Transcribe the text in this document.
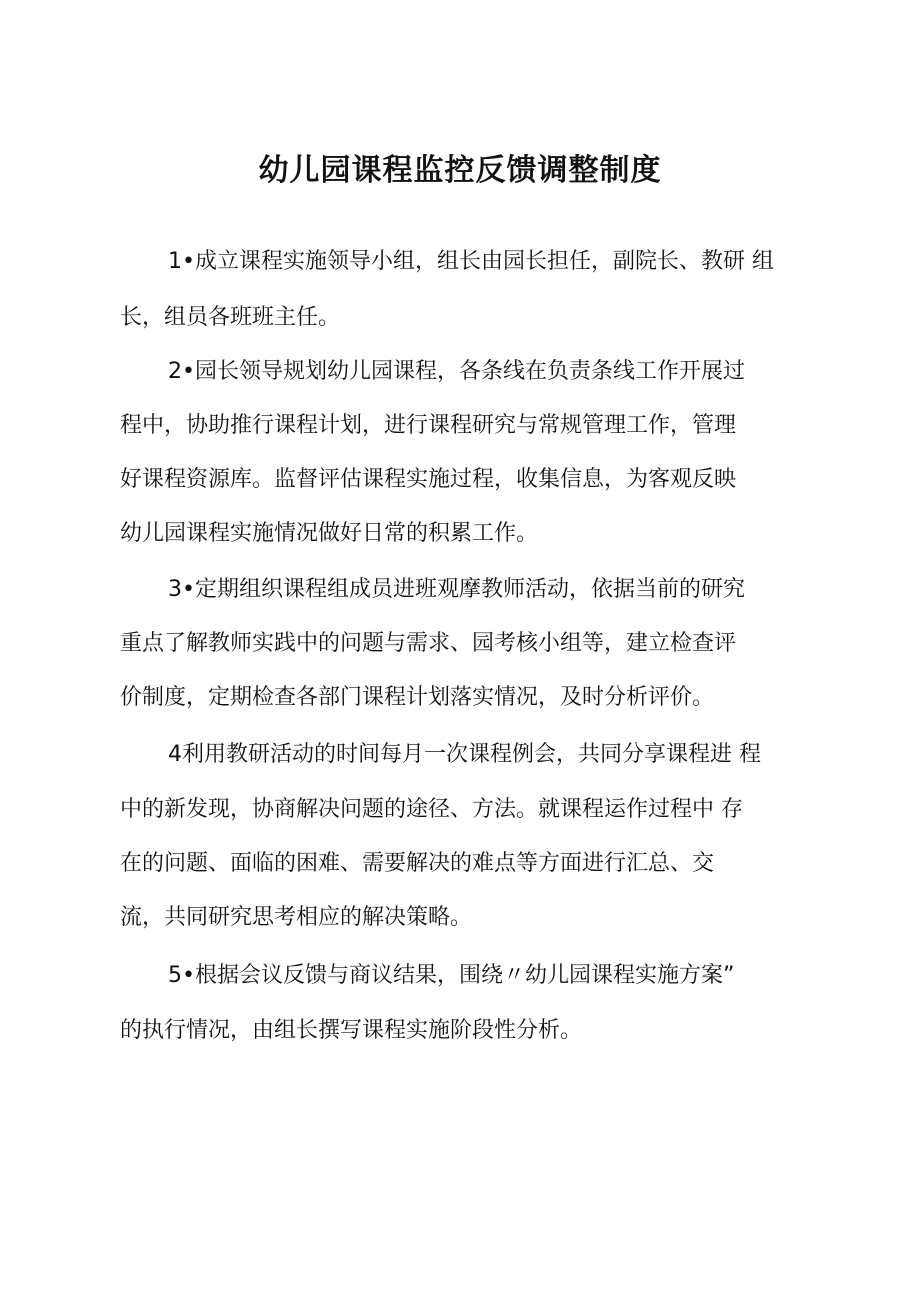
幼儿园课程监控反馈调整制度

1•成立课程实施领导小组，组长由园长担任，副院长、教研 组

长，组员各班班主任。

2•园长领导规划幼儿园课程，各条线在负责条线工作开展过

程中，协助推行课程计划，进行课程研究与常规管理工作，管理

好课程资源库。监督评估课程实施过程，收集信息，为客观反映

幼儿园课程实施情况做好日常的积累工作。

3•定期组织课程组成员进班观摩教师活动，依据当前的研究

重点了解教师实践中的问题与需求、园考核小组等，建立检查评

价制度，定期检查各部门课程计划落实情况，及时分析评价。

4利用教研活动的时间每月一次课程例会，共同分享课程进 程

中的新发现，协商解决问题的途径、方法。就课程运作过程中 存

在的问题、面临的困难、需要解决的难点等方面进行汇总、交

流，共同研究思考相应的解决策略。

5•根据会议反馈与商议结果，围绕〃幼儿园课程实施方案”

的执行情况，由组长撰写课程实施阶段性分析。
